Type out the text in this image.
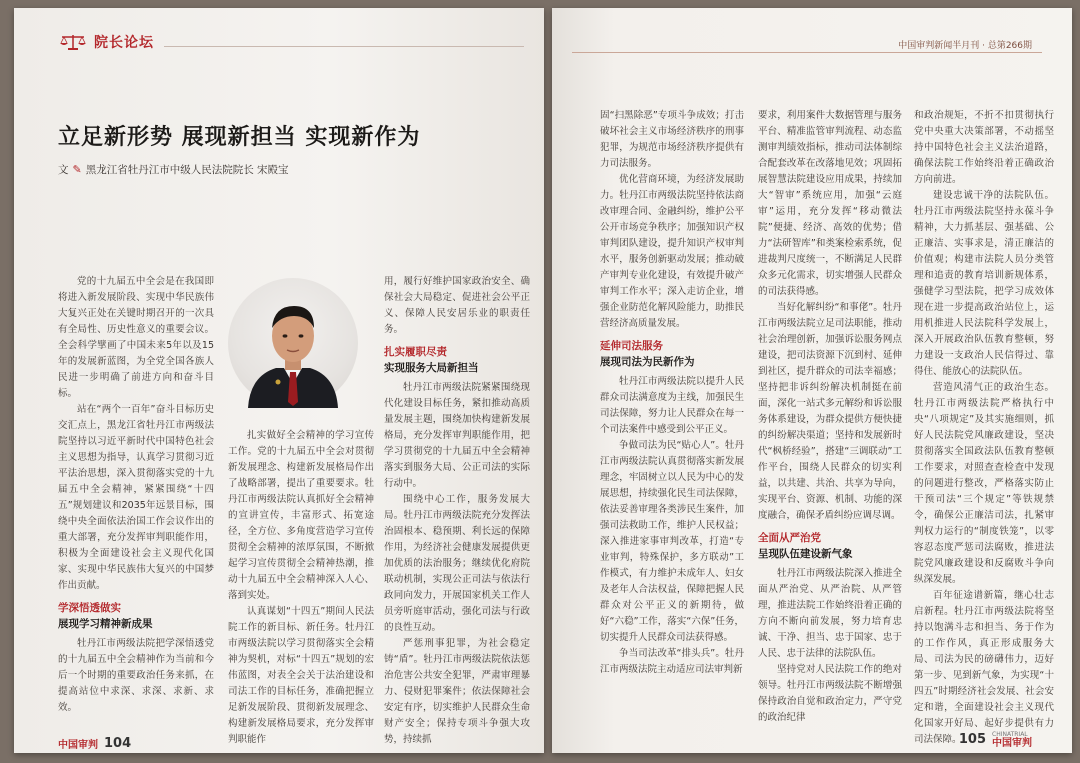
院长论坛
立足新形势 展现新担当 实现新作为
文 ✎ 黑龙江省牡丹江市中级人民法院院长 宋殿宝

党的十九届五中全会是在我国即将进入新发展阶段、实现中华民族伟大复兴正处在关键时期召开的一次具有全局性、历史性意义的重要会议。全会科学擘画了中国未来5年以及15年的发展新蓝图，为全党全国各族人民进一步明确了前进方向和奋斗目标。

站在“两个一百年”奋斗目标历史交汇点上，黑龙江省牡丹江市两级法院坚持以习近平新时代中国特色社会主义思想为指导，认真学习贯彻习近平法治思想，深入贯彻落实党的十九届五中全会精神，紧紧围绕“十四五”规划建议和2035年远景目标，围绕中央全面依法治国工作会议作出的重大部署，充分发挥审判职能作用，积极为全面建设社会主义现代化国家、实现中华民族伟大复兴的中国梦作出贡献。

学深悟透做实
展现学习精神新成果

牡丹江市两级法院把学深悟透党的十九届五中全会精神作为当前和今后一个时期的重要政治任务来抓，在提高站位中求深、求深、求新、求效。

扎实做好全会精神的学习宣传工作。党的十九届五中全会对贯彻新发展理念、构建新发展格局作出了战略部署，提出了重要要求。牡丹江市两级法院认真抓好全会精神的宣讲宣传，丰富形式、拓宽途径，全方位、多角度营造学习宣传贯彻全会精神的浓厚氛围，不断掀起学习宣传贯彻全会精神热潮，推动十九届五中全会精神深入人心、落到实处。

认真谋划“十四五”期间人民法院工作的新目标、新任务。牡丹江市两级法院以学习贯彻落实全会精神为契机，对标“十四五”规划的宏伟蓝图，对表全会关于法治建设和司法工作的目标任务，准确把握立足新发展阶段、贯彻新发展理念、构建新发展格局要求，充分发挥审判职能作

用，履行好维护国家政治安全、确保社会大局稳定、促进社会公平正义、保障人民安居乐业的职责任务。

扎实履职尽责
实现服务大局新担当

牡丹江市两级法院紧紧围绕现代化建设目标任务，紧扣推动高质量发展主题，围绕加快构建新发展格局，充分发挥审判职能作用，把学习贯彻党的十九届五中全会精神落实到服务大局、公正司法的实际行动中。

围绕中心工作，服务发展大局。牡丹江市两级法院充分发挥法治固根本、稳预期、利长远的保障作用，为经济社会健康发展提供更加优质的法治服务；继续优化府院联动机制，实现公正司法与依法行政同向发力，开展国家机关工作人员旁听庭审活动，强化司法与行政的良性互动。

严惩刑事犯罪，为社会稳定铸“盾”。牡丹江市两级法院依法惩治危害公共安全犯罪，严肃审理暴力、侵财犯罪案件；依法保障社会安定有序，切实维护人民群众生命财产安全；保持专项斗争强大攻势，持续抓

中国审判 104
中国审判新闻半月刊 · 总第266期

固“扫黑除恶”专项斗争成效；打击破坏社会主义市场经济秩序的刑事犯罪，为规范市场经济秩序提供有力司法服务。

优化营商环境，为经济发展助力。牡丹江市两级法院坚持依法商改审理合同、金融纠纷，维护公平公开市场竞争秩序；加强知识产权审判团队建设，提升知识产权审判水平，服务创新驱动发展；推动破产审判专业化建设，有效提升破产审判工作水平；深入走访企业，增强企业防范化解风险能力，助推民营经济高质量发展。

延伸司法服务
展现司法为民新作为

牡丹江市两级法院以提升人民群众司法满意度为主线，加强民生司法保障，努力让人民群众在每一个司法案件中感受到公平正义。

争做司法为民“贴心人”。牡丹江市两级法院认真贯彻落实新发展理念，牢固树立以人民为中心的发展思想，持续强化民生司法保障，依法妥善审理各类涉民生案件，加强司法救助工作，维护人民权益；深入推进家事审判改革，打造“专业审判，特殊保护，多方联动”工作模式，有力维护未成年人、妇女及老年人合法权益，保障把握人民群众对公平正义的新期待，做好“六稳”工作，落实“六保”任务，切实提升人民群众司法获得感。

争当司法改革“排头兵”。牡丹江市两级法院主动适应司法审判新

要求，利用案件大数据管理与服务平台、精准监管审判流程、动态监测审判绩效指标，推动司法体制综合配套改革在改落地见效；巩固拓展智慧法院建设应用成果，持续加大“智审”系统应用，加强“云庭审”运用，充分发挥“移动微法院”便捷、经济、高效的优势；借力“法研智库”和类案检索系统，促进裁判尺度统一，不断满足人民群众多元化需求，切实增强人民群众的司法获得感。

当好化解纠纷“和事佬”。牡丹江市两级法院立足司法职能，推动社会治理创新，加强诉讼服务网点建设，把司法资源下沉到村、延伸到社区，提升群众的司法幸福感；坚持把非诉纠纷解决机制挺在前面，深化一站式多元解纷和诉讼服务体系建设，为群众提供方便快捷的纠纷解决渠道；坚持和发展新时代“枫桥经验”，搭建“三调联动”工作平台，围绕人民群众的切实利益，以共建、共治、共享为导向，实现平台、资源、机制、功能的深度融合，确保矛盾纠纷应调尽调。

全面从严治党
呈现队伍建设新气象

牡丹江市两级法院深入推进全面从严治党、从严治院、从严管理，推进法院工作始终沿着正确的方向不断向前发展，努力培育忠诚、干净、担当、忠于国家、忠于人民、忠于法律的法院队伍。

坚持党对人民法院工作的绝对领导。牡丹江市两级法院不断增强保持政治自觉和政治定力，严守党的政治纪律

和政治规矩，不折不扣贯彻执行党中央重大决策部署，不动摇坚持中国特色社会主义法治道路，确保法院工作始终沿着正确政治方向前进。

建设忠诚干净的法院队伍。牡丹江市两级法院坚持永葆斗争精神，大力抓基层、强基础、公正廉洁、实事求是，清正廉洁的价值观；构建市法院人员分类管理和追责的教育培训新规体系，强健学习型法院，把学习成效体现在进一步提高政治站位上，运用机推进人民法院科学发展上，深入开展政治队伍教育整顿，努力建设一支政治人民信得过、靠得住、能放心的法院队伍。

营造风清气正的政治生态。牡丹江市两级法院严格执行中央“八项规定”及其实施细则，抓好人民法院党风廉政建设，坚决贯彻落实全国政法队伍教育整顿工作要求，对照查查检查中发现的问题进行整改，严格落实防止干预司法“三个规定”等铁规禁令，确保公正廉洁司法，扎紧审判权力运行的“制度铁笼”，以零容忍态度严惩司法腐败，推进法院党风廉政建设和反腐败斗争向纵深发展。

百年征途谱新篇，继心壮志启新程。牡丹江市两级法院将坚持以饱满斗志和担当、务于作为的工作作风，真正形成服务大局、司法为民的磅礴伟力，迈好第一步、见到新气象，为实现“十四五”时期经济社会发展、社会安定和谐，全面建设社会主义现代化国家开好局、起好步提供有力司法保障。

105 CHINATRIAL
中国审判
